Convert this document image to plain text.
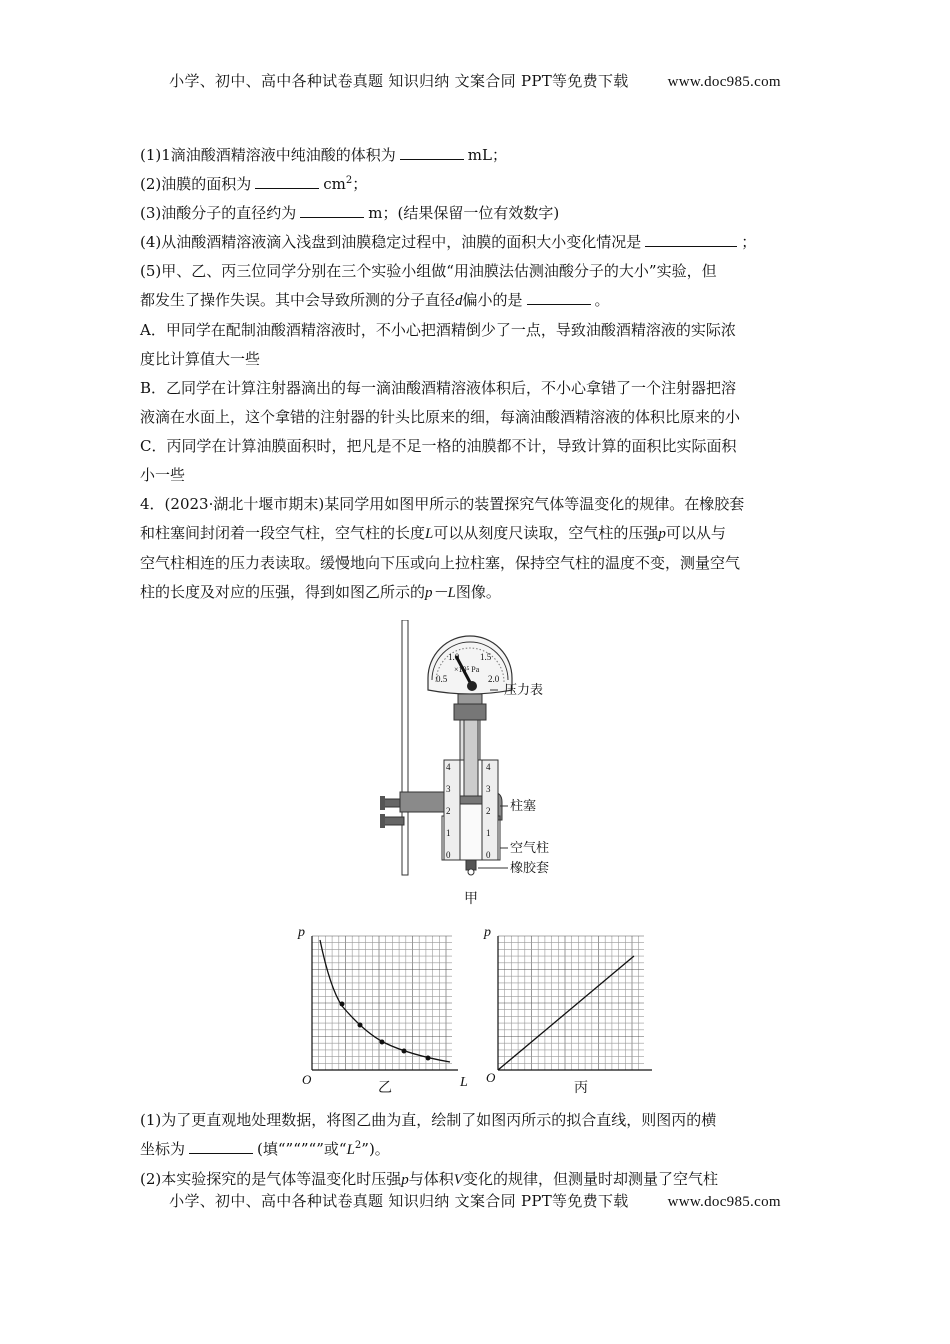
小学、初中、高中各种试卷真题 知识归纳 文案合同 PPT等免费下载	www.doc985.com

(1)1滴油酸酒精溶液中纯油酸的体积为	mL；

(2)油膜的面积为	$cm^2$；

(3)油酸分子的直径约为	m；(结果保留一位有效数字)

(4)从油酸酒精溶液滴入浅盘到油膜稳定过程中，油膜的面积大小变化情况是	；

(5)甲、乙、丙三位同学分别在三个实验小组做“用油膜法估测油酸分子的大小”实验，但

都发生了操作失误。其中会导致所测的分子直径d偏小的是	。

A．甲同学在配制油酸酒精溶液时，不小心把酒精倒少了一点，导致油酸酒精溶液的实际浓

度比计算值大一些

B．乙同学在计算注射器滴出的每一滴油酸酒精溶液体积后，不小心拿错了一个注射器把溶

液滴在水面上，这个拿错的注射器的针头比原来的细，每滴油酸酒精溶液的体积比原来的小

C．丙同学在计算油膜面积时，把凡是不足一格的油膜都不计，导致计算的面积比实际面积

小一些

4．(2023·湖北十堰市期末)某同学用如图甲所示的装置探究气体等温变化的规律。在橡胶套

和柱塞间封闭着一段空气柱，空气柱的长度L可以从刻度尺读取，空气柱的压强p可以从与

空气柱相连的压力表读取。缓慢地向下压或向上拉柱塞，保持空气柱的温度不变，测量空气

柱的长度及对应的压强，得到如图乙所示的p－L图像。

1.0 1.5
0.5	2.0
×10⁵ Pa
压力表
4
3
2
1
0
4
3
2
1
0
柱塞
空气柱
橡胶套
甲
p
L
O
乙
p
O
丙

(1)为了更直观地处理数据，将图乙曲为直，绘制了如图丙所示的拟合直线，则图丙的横

坐标为	(填“”“”“”或“$L^2$”)。

(2)本实验探究的是气体等温变化时压强p与体积V变化的规律，但测量时却测量了空气柱

小学、初中、高中各种试卷真题 知识归纳 文案合同 PPT等免费下载	www.doc985.com
